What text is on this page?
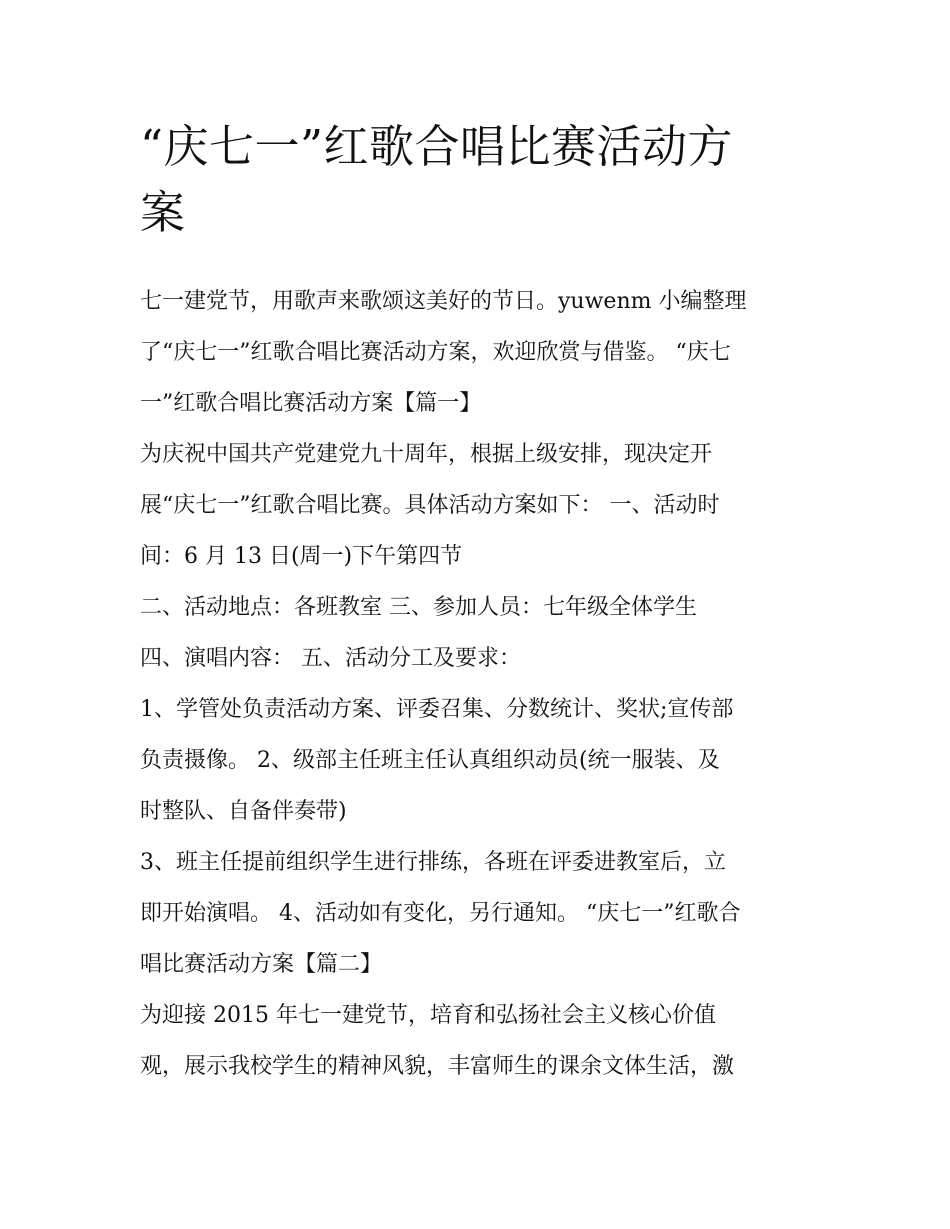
“庆七一”红歌合唱比赛活动方
案
七一建党节，用歌声来歌颂这美好的节日。yuwenm 小编整理
了“庆七一”红歌合唱比赛活动方案，欢迎欣赏与借鉴。 “庆七
一”红歌合唱比赛活动方案【篇一】
为庆祝中国共产党建党九十周年，根据上级安排，现决定开
展“庆七一”红歌合唱比赛。具体活动方案如下： 一、活动时
间：6 月 13 日(周一)下午第四节
二、活动地点：各班教室 三、参加人员：七年级全体学生
四、演唱内容： 五、活动分工及要求：
1、学管处负责活动方案、评委召集、分数统计、奖状;宣传部
负责摄像。 2、级部主任班主任认真组织动员(统一服装、及
时整队、自备伴奏带)
3、班主任提前组织学生进行排练，各班在评委进教室后，立
即开始演唱。 4、活动如有变化，另行通知。 “庆七一”红歌合
唱比赛活动方案【篇二】
为迎接 2015 年七一建党节，培育和弘扬社会主义核心价值
观，展示我校学生的精神风貌，丰富师生的课余文体生活，激
